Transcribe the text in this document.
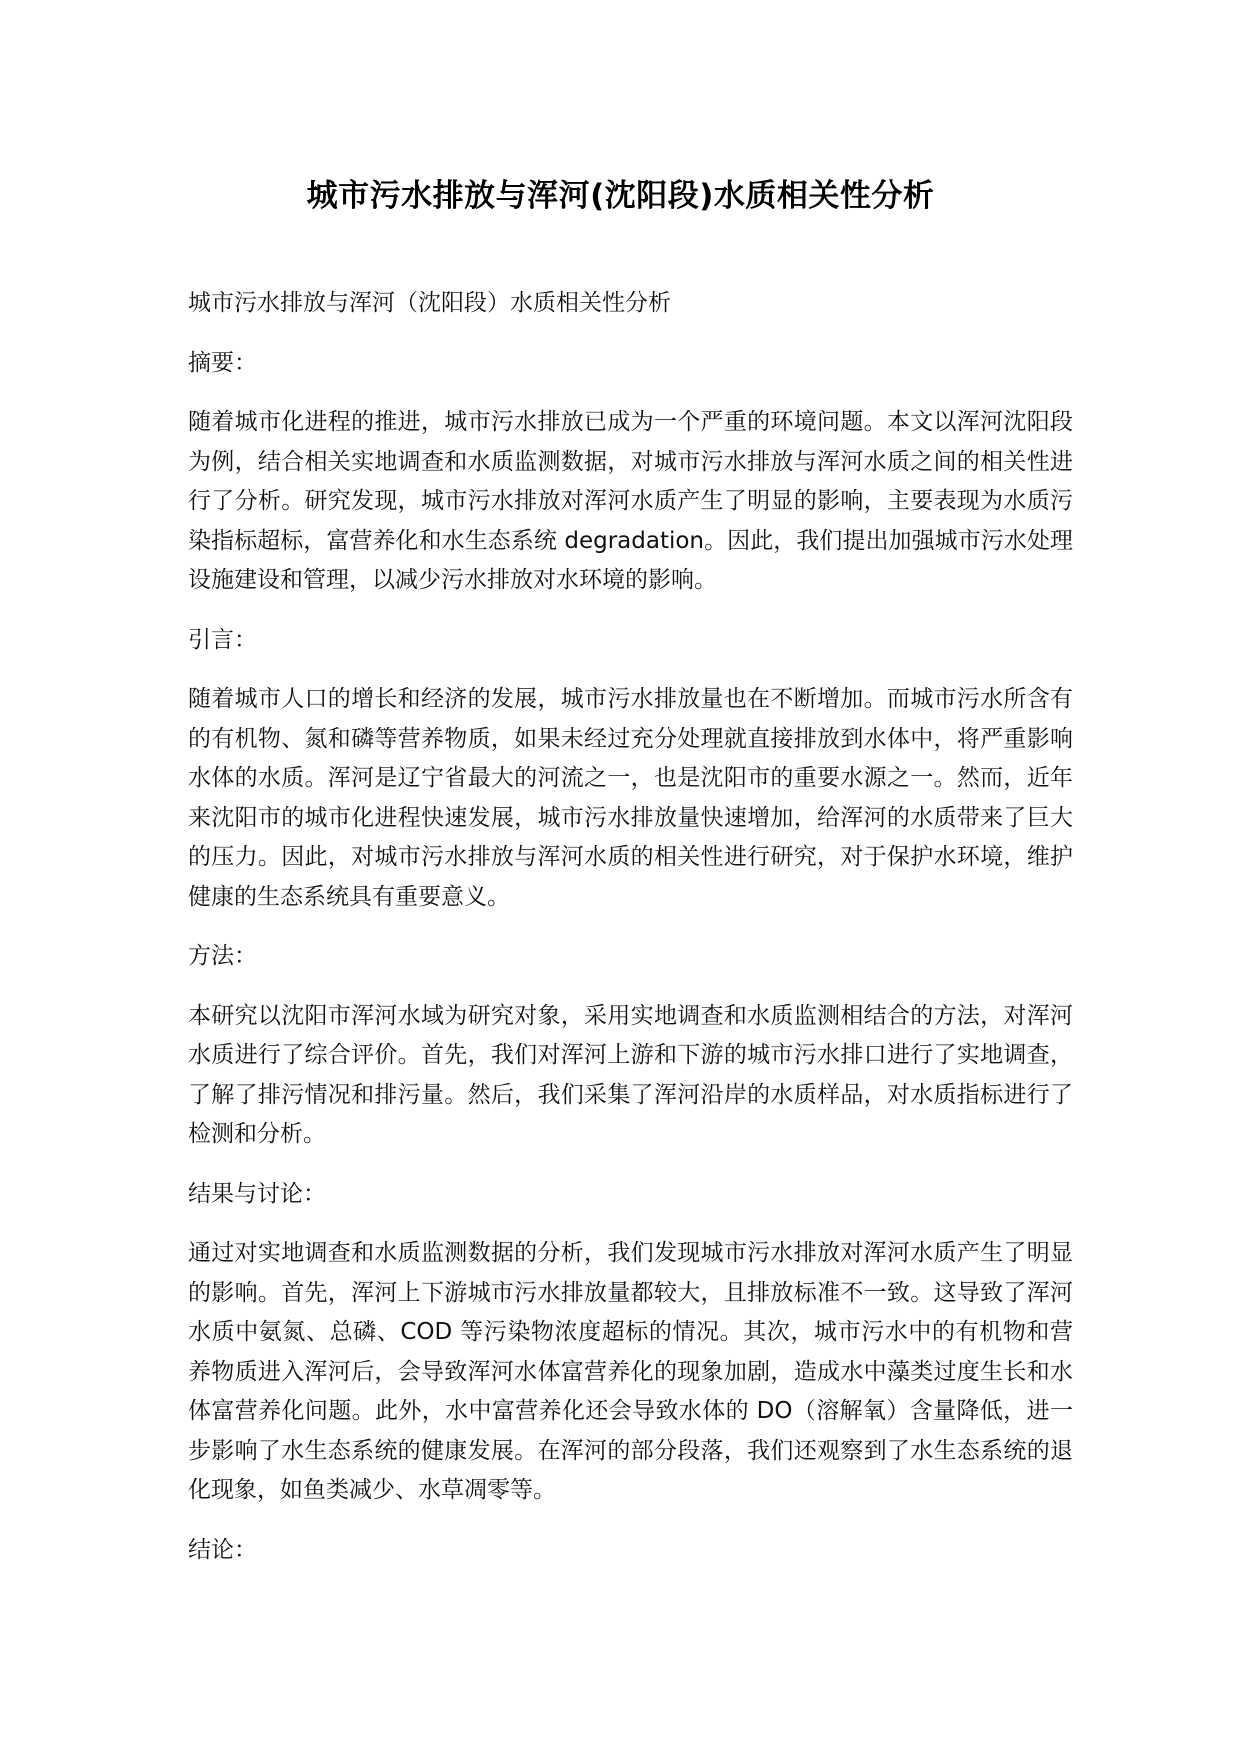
城市污水排放与浑河(沈阳段)水质相关性分析

城市污水排放与浑河（沈阳段）水质相关性分析

摘要：

随着城市化进程的推进，城市污水排放已成为一个严重的环境问题。本文以浑河沈阳段为例，结合相关实地调查和水质监测数据，对城市污水排放与浑河水质之间的相关性进行了分析。研究发现，城市污水排放对浑河水质产生了明显的影响，主要表现为水质污染指标超标，富营养化和水生态系统 degradation。因此，我们提出加强城市污水处理设施建设和管理，以减少污水排放对水环境的影响。

引言：

随着城市人口的增长和经济的发展，城市污水排放量也在不断增加。而城市污水所含有的有机物、氮和磷等营养物质，如果未经过充分处理就直接排放到水体中，将严重影响水体的水质。浑河是辽宁省最大的河流之一，也是沈阳市的重要水源之一。然而，近年来沈阳市的城市化进程快速发展，城市污水排放量快速增加，给浑河的水质带来了巨大的压力。因此，对城市污水排放与浑河水质的相关性进行研究，对于保护水环境，维护健康的生态系统具有重要意义。

方法：

本研究以沈阳市浑河水域为研究对象，采用实地调查和水质监测相结合的方法，对浑河水质进行了综合评价。首先，我们对浑河上游和下游的城市污水排口进行了实地调查，了解了排污情况和排污量。然后，我们采集了浑河沿岸的水质样品，对水质指标进行了检测和分析。

结果与讨论：

通过对实地调查和水质监测数据的分析，我们发现城市污水排放对浑河水质产生了明显的影响。首先，浑河上下游城市污水排放量都较大，且排放标准不一致。这导致了浑河水质中氨氮、总磷、COD 等污染物浓度超标的情况。其次，城市污水中的有机物和营养物质进入浑河后，会导致浑河水体富营养化的现象加剧，造成水中藻类过度生长和水体富营养化问题。此外，水中富营养化还会导致水体的 DO（溶解氧）含量降低，进一步影响了水生态系统的健康发展。在浑河的部分段落，我们还观察到了水生态系统的退化现象，如鱼类减少、水草凋零等。

结论：
